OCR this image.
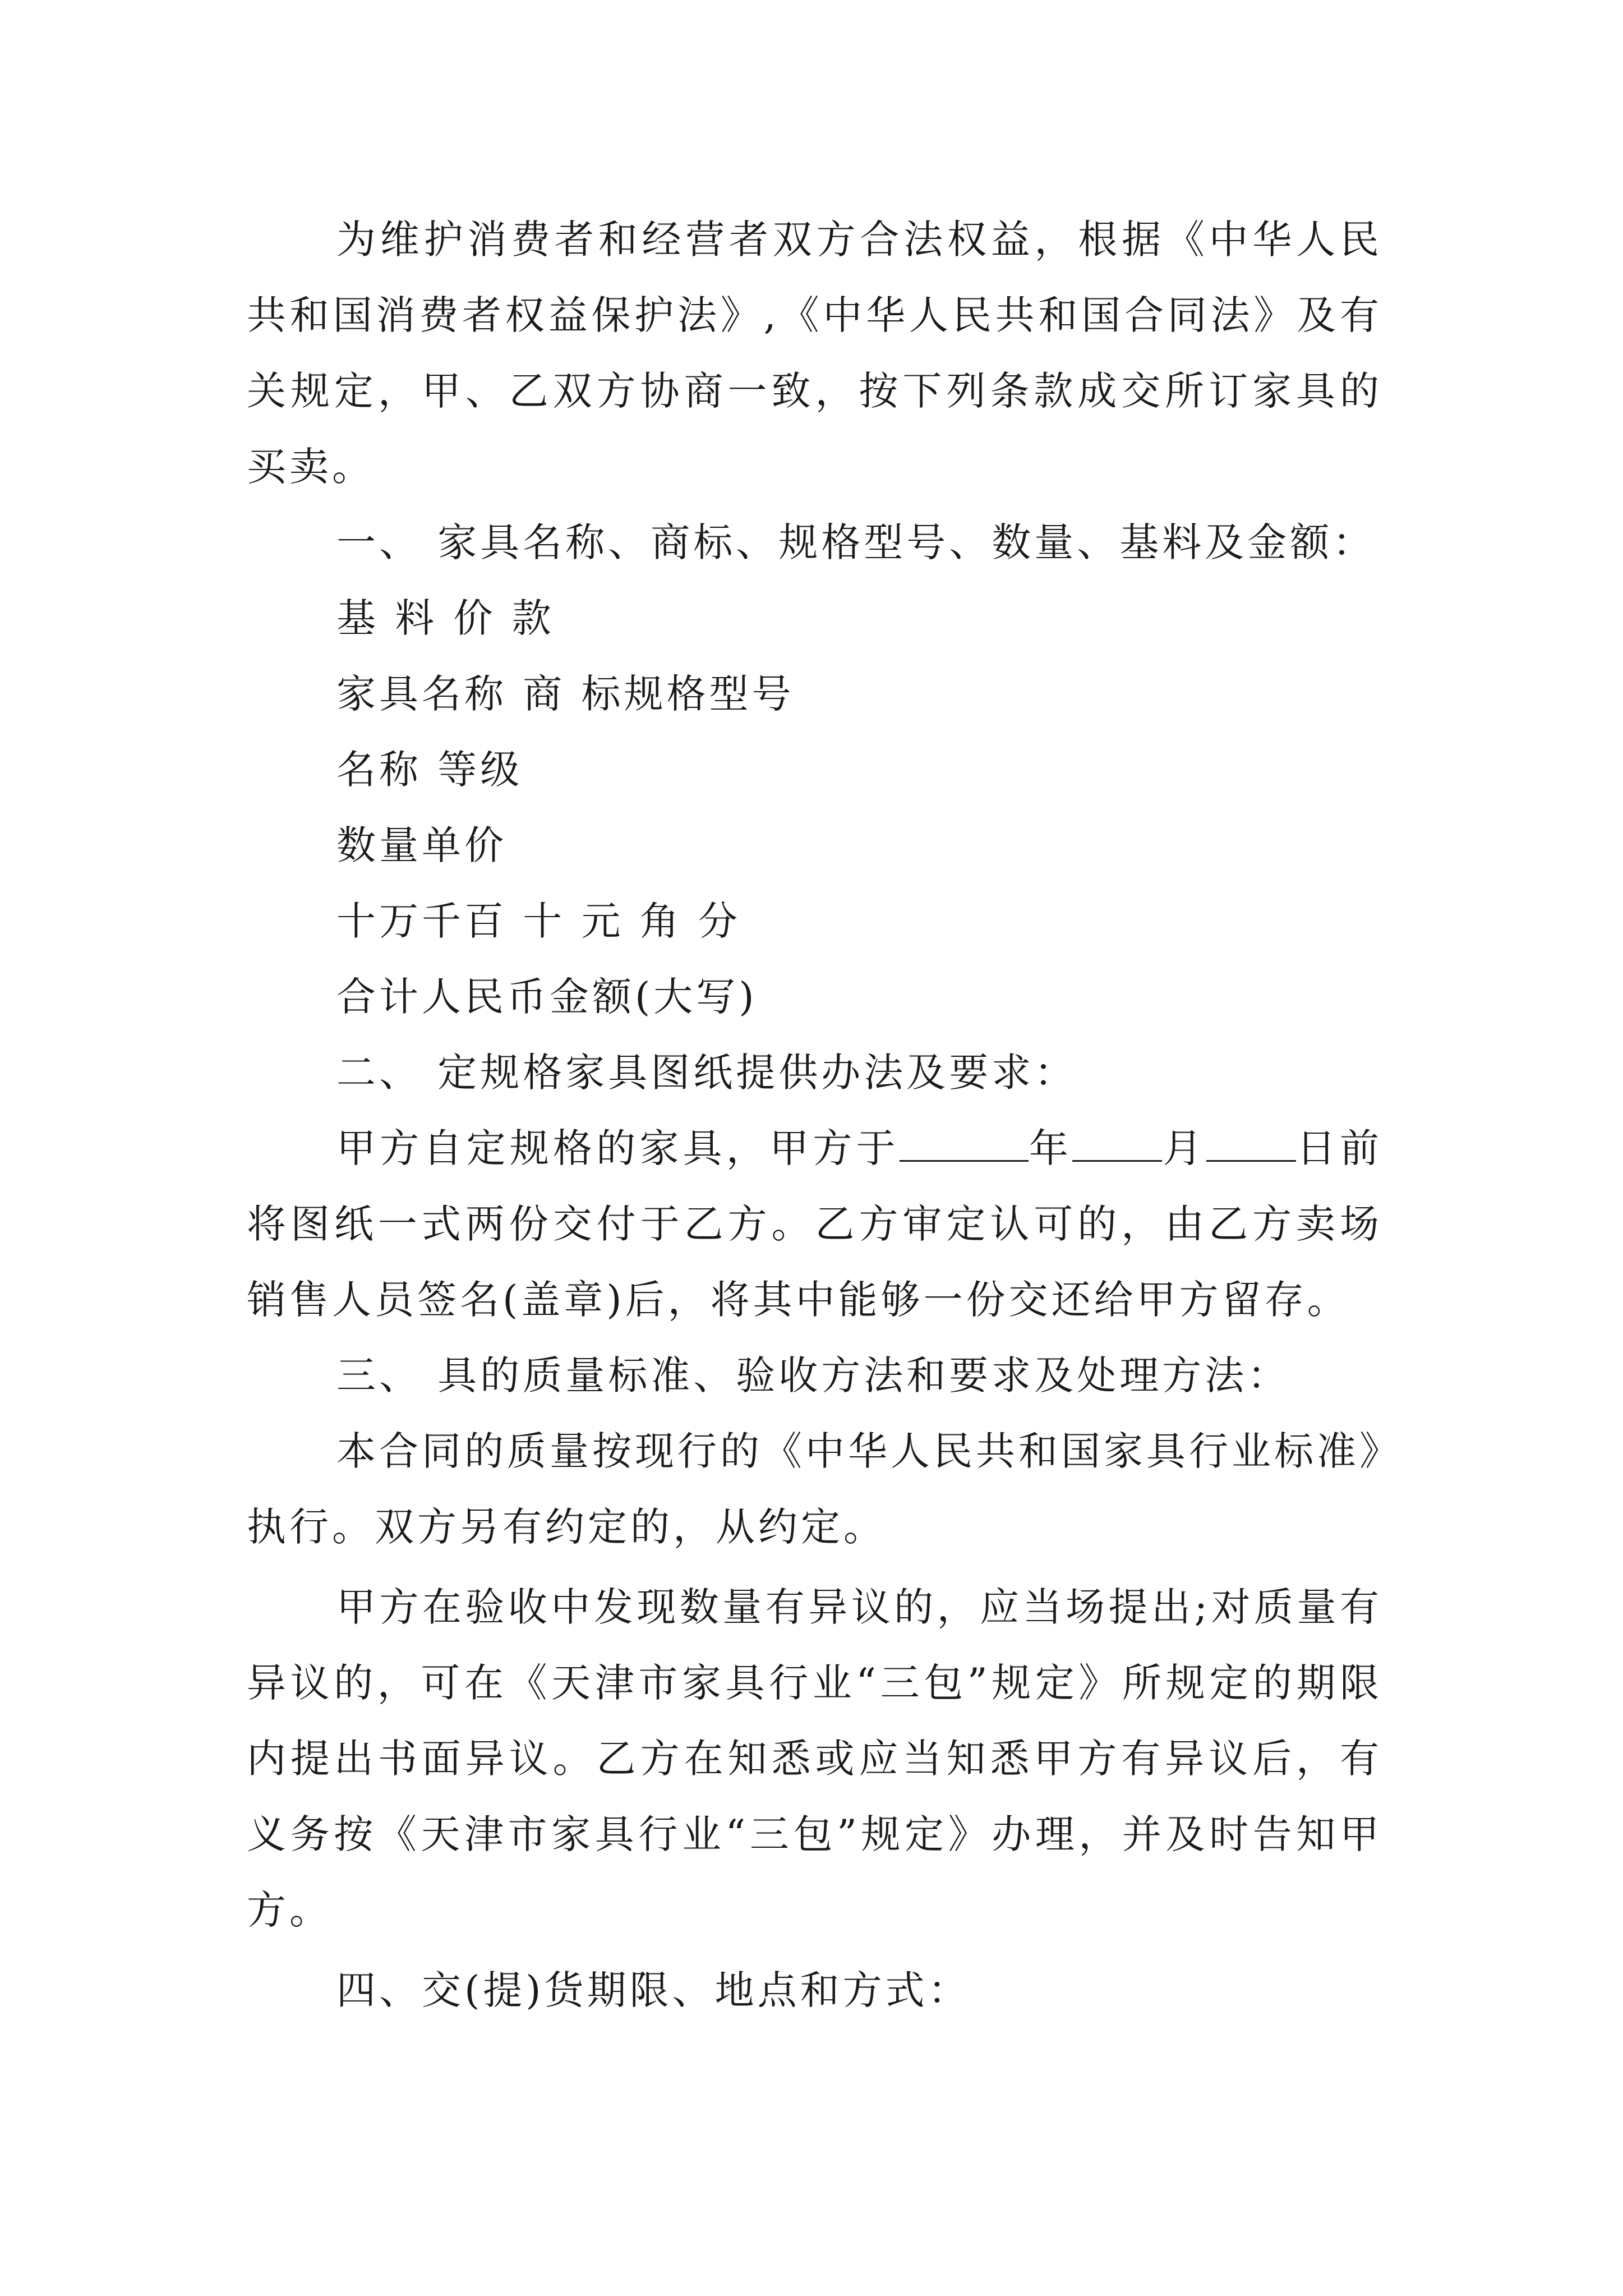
为维护消费者和经营者双方合法权益，根据《中华人民共和国消费者权益保护法》,《中华人民共和国合同法》及有关规定，甲、乙双方协商一致，按下列条款成交所订家具的买卖。

一、 家具名称、商标、规格型号、数量、基料及金额：

基 料 价 款

家具名称 商 标规格型号

名称 等级

数量单价

十万千百 十 元 角 分

合计人民币金额(大写)

二、 定规格家具图纸提供办法及要求：

甲方自定规格的家具，甲方于	年 月 日前将图纸一式两份交付于乙方。乙方审定认可的，由乙方卖场销售人员签名(盖章)后，将其中能够一份交还给甲方留存。

三、 具的质量标准、验收方法和要求及处理方法：

本合同的质量按现行的《中华人民共和国家具行业标准》执行。双方另有约定的，从约定。

甲方在验收中发现数量有异议的，应当场提出;对质量有异议的，可在《天津市家具行业“三包”规定》所规定的期限内提出书面异议。乙方在知悉或应当知悉甲方有异议后，有义务按《天津市家具行业“三包”规定》办理，并及时告知甲方。

四、交(提)货期限、地点和方式：
